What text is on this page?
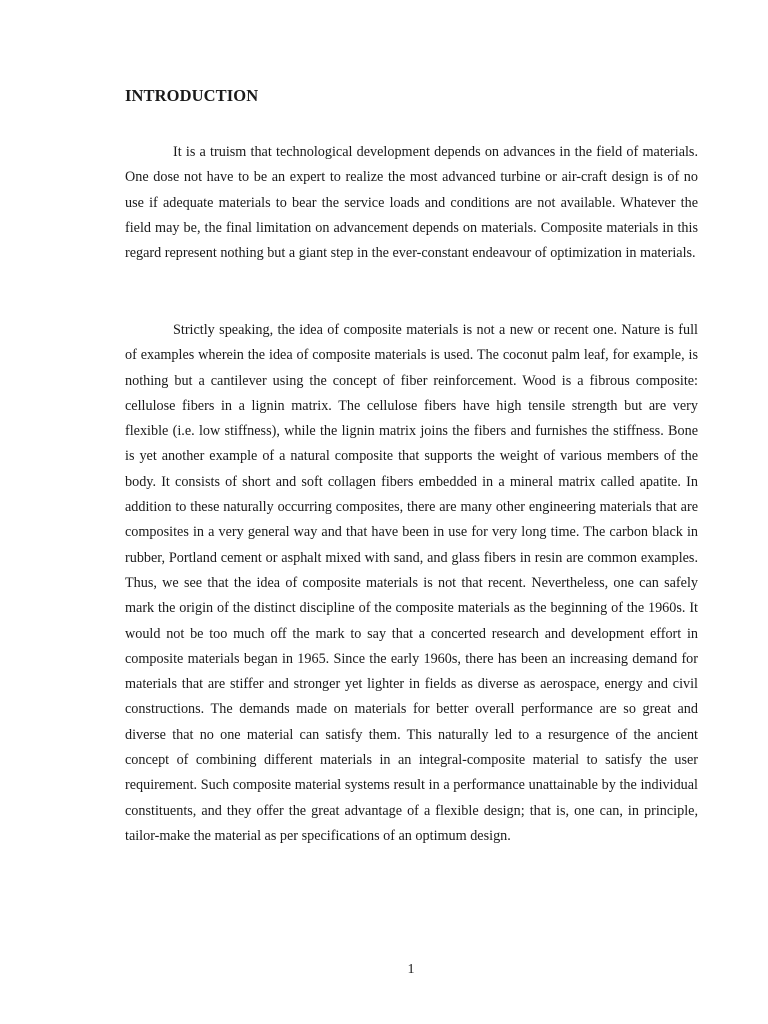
INTRODUCTION

It is a truism that technological development depends on advances in the field of materials. One dose not have to be an expert to realize the most advanced turbine or air-craft design is of no use if adequate materials to bear the service loads and conditions are not available. Whatever the field may be, the final limitation on advancement depends on materials. Composite materials in this regard represent nothing but a giant step in the ever-constant endeavour of optimization in materials.

Strictly speaking, the idea of composite materials is not a new or recent one. Nature is full of examples wherein the idea of composite materials is used. The coconut palm leaf, for example, is nothing but a cantilever using the concept of fiber reinforcement. Wood is a fibrous composite: cellulose fibers in a lignin matrix. The cellulose fibers have high tensile strength but are very flexible (i.e. low stiffness), while the lignin matrix joins the fibers and furnishes the stiffness. Bone is yet another example of a natural composite that supports the weight of various members of the body. It consists of short and soft collagen fibers embedded in a mineral matrix called apatite. In addition to these naturally occurring composites, there are many other engineering materials that are composites in a very general way and that have been in use for very long time. The carbon black in rubber, Portland cement or asphalt mixed with sand, and glass fibers in resin are common examples. Thus, we see that the idea of composite materials is not that recent. Nevertheless, one can safely mark the origin of the distinct discipline of the composite materials as the beginning of the 1960s. It would not be too much off the mark to say that a concerted research and development effort in composite materials began in 1965. Since the early 1960s, there has been an increasing demand for materials that are stiffer and stronger yet lighter in fields as diverse as aerospace, energy and civil constructions. The demands made on materials for better overall performance are so great and diverse that no one material can satisfy them. This naturally led to a resurgence of the ancient concept of combining different materials in an integral-composite material to satisfy the user requirement. Such composite material systems result in a performance unattainable by the individual constituents, and they offer the great advantage of a flexible design; that is, one can, in principle, tailor-make the material as per specifications of an optimum design.

1
